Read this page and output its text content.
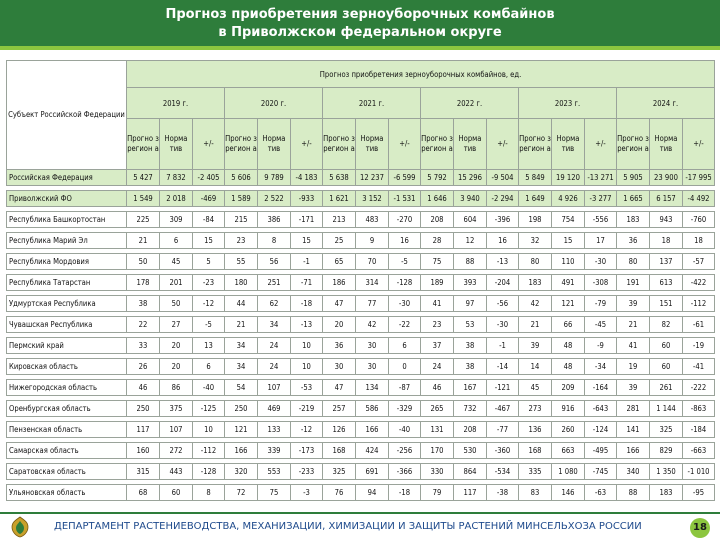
Прогноз приобретения зерноуборочных комбайнов
в Приволжском федеральном округе
Субъект Российской Федерации	Прогноз приобретения зерноуборочных комбайнов, ед.																	
	2019 г.			2020 г.			2021 г.			2022 г.			2023 г.			2024 г.		

	Прогно з регион а	Норма тив	+/-	Прогно з регион а	Норма тив	+/-	Прогно з регион а	Норма тив	+/-	Прогно з регион а	Норма тив	+/-	Прогно з регион а	Норма тив	+/-	Прогно з регион а	Норма тив	+/-

Российская Федерация	5 427	7 832	-2 405	5 606	9 789	-4 183	5 638	12 237	-6 599	5 792	15 296	-9 504	5 849	19 120	-13 271	5 905	23 900	-17 995

Приволжский ФО	1 549	2 018	-469	1 589	2 522	-933	1 621	3 152	-1 531	1 646	3 940	-2 294	1 649	4 926	-3 277	1 665	6 157	-4 492

Республика Башкортостан	225	309	-84	215	386	-171	213	483	-270	208	604	-396	198	754	-556	183	943	-760

Республика Марий Эл	21	6	15	23	8	15	25	9	16	28	12	16	32	15	17	36	18	18

Республика Мордовия	50	45	5	55	56	-1	65	70	-5	75	88	-13	80	110	-30	80	137	-57

Республика Татарстан	178	201	-23	180	251	-71	186	314	-128	189	393	-204	183	491	-308	191	613	-422

Удмуртская Республика	38	50	-12	44	62	-18	47	77	-30	41	97	-56	42	121	-79	39	151	-112

Чувашская Республика	22	27	-5	21	34	-13	20	42	-22	23	53	-30	21	66	-45	21	82	-61

Пермский край	33	20	13	34	24	10	36	30	6	37	38	-1	39	48	-9	41	60	-19

Кировская область	26	20	6	34	24	10	30	30	0	24	38	-14	14	48	-34	19	60	-41

Нижегородская область	46	86	-40	54	107	-53	47	134	-87	46	167	-121	45	209	-164	39	261	-222

Оренбургская область	250	375	-125	250	469	-219	257	586	-329	265	732	-467	273	916	-643	281	1 144	-863

Пензенская область	117	107	10	121	133	-12	126	166	-40	131	208	-77	136	260	-124	141	325	-184

Самарская область	160	272	-112	166	339	-173	168	424	-256	170	530	-360	168	663	-495	166	829	-663

Саратовская область	315	443	-128	320	553	-233	325	691	-366	330	864	-534	335	1 080	-745	340	1 350	-1 010

Ульяновская область	68	60	8	72	75	-3	76	94	-18	79	117	-38	83	146	-63	88	183	-95
ДЕПАРТАМЕНТ РАСТЕНИЕВОДСТВА, МЕХАНИЗАЦИИ, ХИМИЗАЦИИ И ЗАЩИТЫ РАСТЕНИЙ МИНСЕЛЬХОЗА РОССИИ	18
